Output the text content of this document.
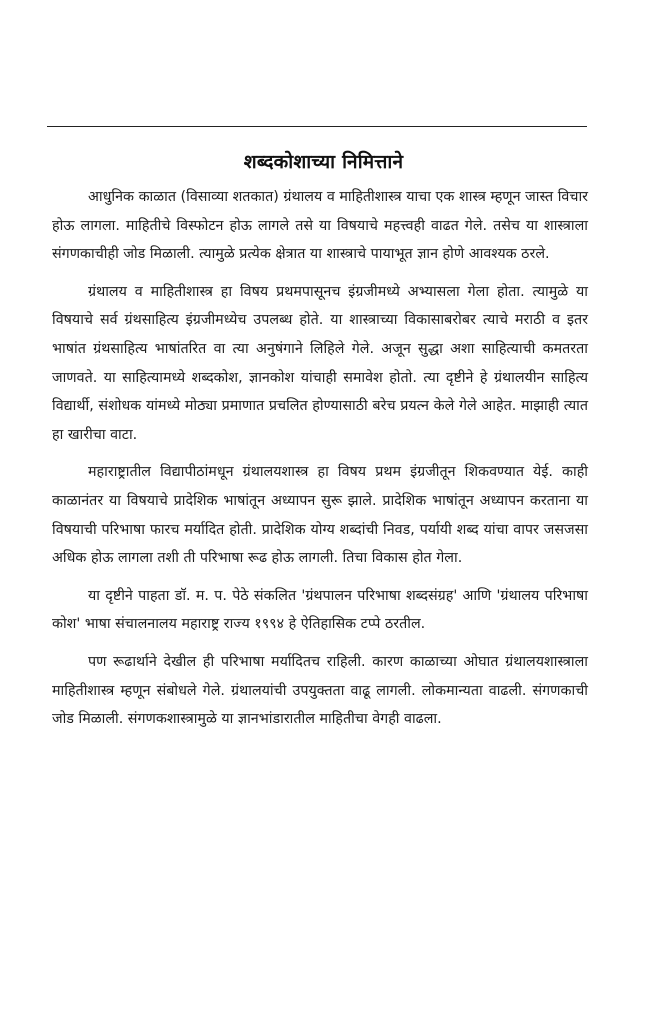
शब्दकोशाच्या निमित्ताने

आधुनिक काळात (विसाव्या शतकात) ग्रंथालय व माहितीशास्त्र याचा एक शास्त्र म्हणून जास्त विचार होऊ लागला. माहितीचे विस्फोटन होऊ लागले तसे या विषयाचे महत्त्वही वाढत गेले. तसेच या शास्त्राला संगणकाचीही जोड मिळाली. त्यामुळे प्रत्येक क्षेत्रात या शास्त्राचे पायाभूत ज्ञान होणे आवश्यक ठरले.

ग्रंथालय व माहितीशास्त्र हा विषय प्रथमपासूनच इंग्रजीमध्ये अभ्यासला गेला होता. त्यामुळे या विषयाचे सर्व ग्रंथसाहित्य इंग्रजीमध्येच उपलब्ध होते. या शास्त्राच्या विकासाबरोबर त्याचे मराठी व इतर भाषांत ग्रंथसाहित्य भाषांतरित वा त्या अनुषंगाने लिहिले गेले. अजून सुद्धा अशा साहित्याची कमतरता जाणवते. या साहित्यामध्ये शब्दकोश, ज्ञानकोश यांचाही समावेश होतो. त्या दृष्टीने हे ग्रंथालयीन साहित्य विद्यार्थी, संशोधक यांमध्ये मोठ्या प्रमाणात प्रचलित होण्यासाठी बरेच प्रयत्न केले गेले आहेत. माझाही त्यात हा खारीचा वाटा.

महाराष्ट्रातील विद्यापीठांमधून ग्रंथालयशास्त्र हा विषय प्रथम इंग्रजीतून शिकवण्यात येई. काही काळानंतर या विषयाचे प्रादेशिक भाषांतून अध्यापन सुरू झाले. प्रादेशिक भाषांतून अध्यापन करताना या विषयाची परिभाषा फारच मर्यादित होती. प्रादेशिक योग्य शब्दांची निवड, पर्यायी शब्द यांचा वापर जसजसा अधिक होऊ लागला तशी ती परिभाषा रूढ होऊ लागली. तिचा विकास होत गेला.

या दृष्टीने पाहता डॉ. म. प. पेठे संकलित 'ग्रंथपालन परिभाषा शब्दसंग्रह' आणि 'ग्रंथालय परिभाषा कोश' भाषा संचालनालय महाराष्ट्र राज्य १९९४ हे ऐतिहासिक टप्पे ठरतील.

पण रूढार्थाने देखील ही परिभाषा मर्यादितच राहिली. कारण काळाच्या ओघात ग्रंथालयशास्त्राला माहितीशास्त्र म्हणून संबोधले गेले. ग्रंथालयांची उपयुक्तता वाढू लागली. लोकमान्यता वाढली. संगणकाची जोड मिळाली. संगणकशास्त्रामुळे या ज्ञानभांडारातील माहितीचा वेगही वाढला.
